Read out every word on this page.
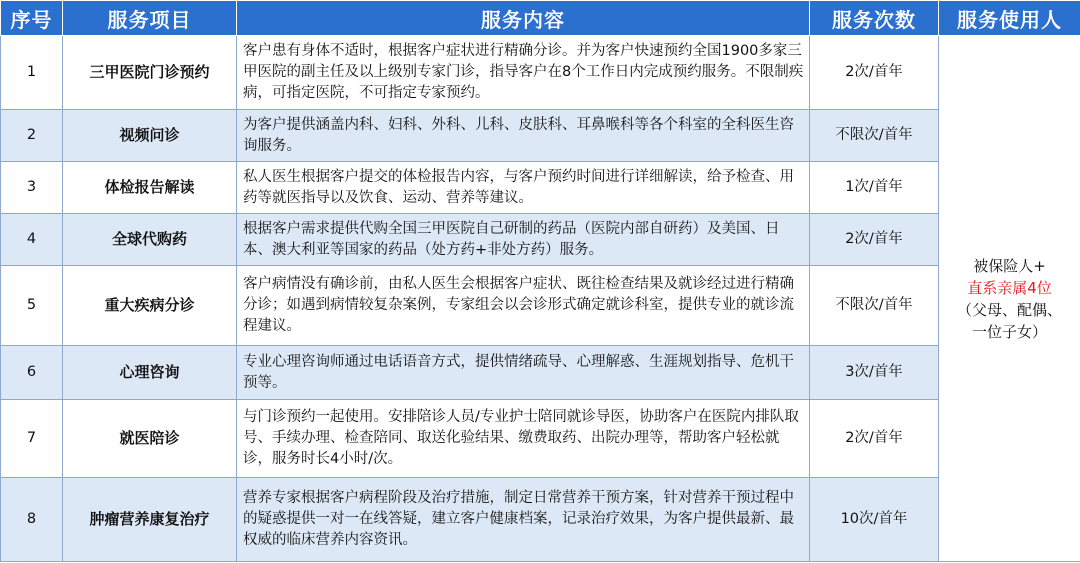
序号	服务项目	服务内容	服务次数	服务使用人
1	三甲医院门诊预约	客户患有身体不适时，根据客户症状进行精确分诊。并为客户快速预约全国1900多家三甲医院的副主任及以上级别专家门诊，指导客户在8个工作日内完成预约服务。不限制疾病，可指定医院，不可指定专家预约。	2次/首年	被保险人+
直系亲属4位
（父母、配偶、
一位子女）

2	视频问诊	为客户提供涵盖内科、妇科、外科、儿科、皮肤科、耳鼻喉科等各个科室的全科医生咨询服务。	不限次/首年	
3	体检报告解读	私人医生根据客户提交的体检报告内容，与客户预约时间进行详细解读，给予检查、用药等就医指导以及饮食、运动、营养等建议。	1次/首年	
4	全球代购药	根据客户需求提供代购全国三甲医院自己研制的药品（医院内部自研药）及美国、日本、澳大利亚等国家的药品（处方药+非处方药）服务。	2次/首年	
5	重大疾病分诊	客户病情没有确诊前，由私人医生会根据客户症状、既往检查结果及就诊经过进行精确分诊；如遇到病情较复杂案例，专家组会以会诊形式确定就诊科室，提供专业的就诊流程建议。	不限次/首年	
6	心理咨询	专业心理咨询师通过电话语音方式，提供情绪疏导、心理解惑、生涯规划指导、危机干预等。	3次/首年	
7	就医陪诊	与门诊预约一起使用。安排陪诊人员/专业护士陪同就诊导医，协助客户在医院内排队取号、手续办理、检查陪同、取送化验结果、缴费取药、出院办理等，帮助客户轻松就诊，服务时长4小时/次。	2次/首年	
8	肿瘤营养康复治疗	营养专家根据客户病程阶段及治疗措施，制定日常营养干预方案，针对营养干预过程中的疑惑提供一对一在线答疑，建立客户健康档案，记录治疗效果，为客户提供最新、最权威的临床营养内容资讯。	10次/首年	
